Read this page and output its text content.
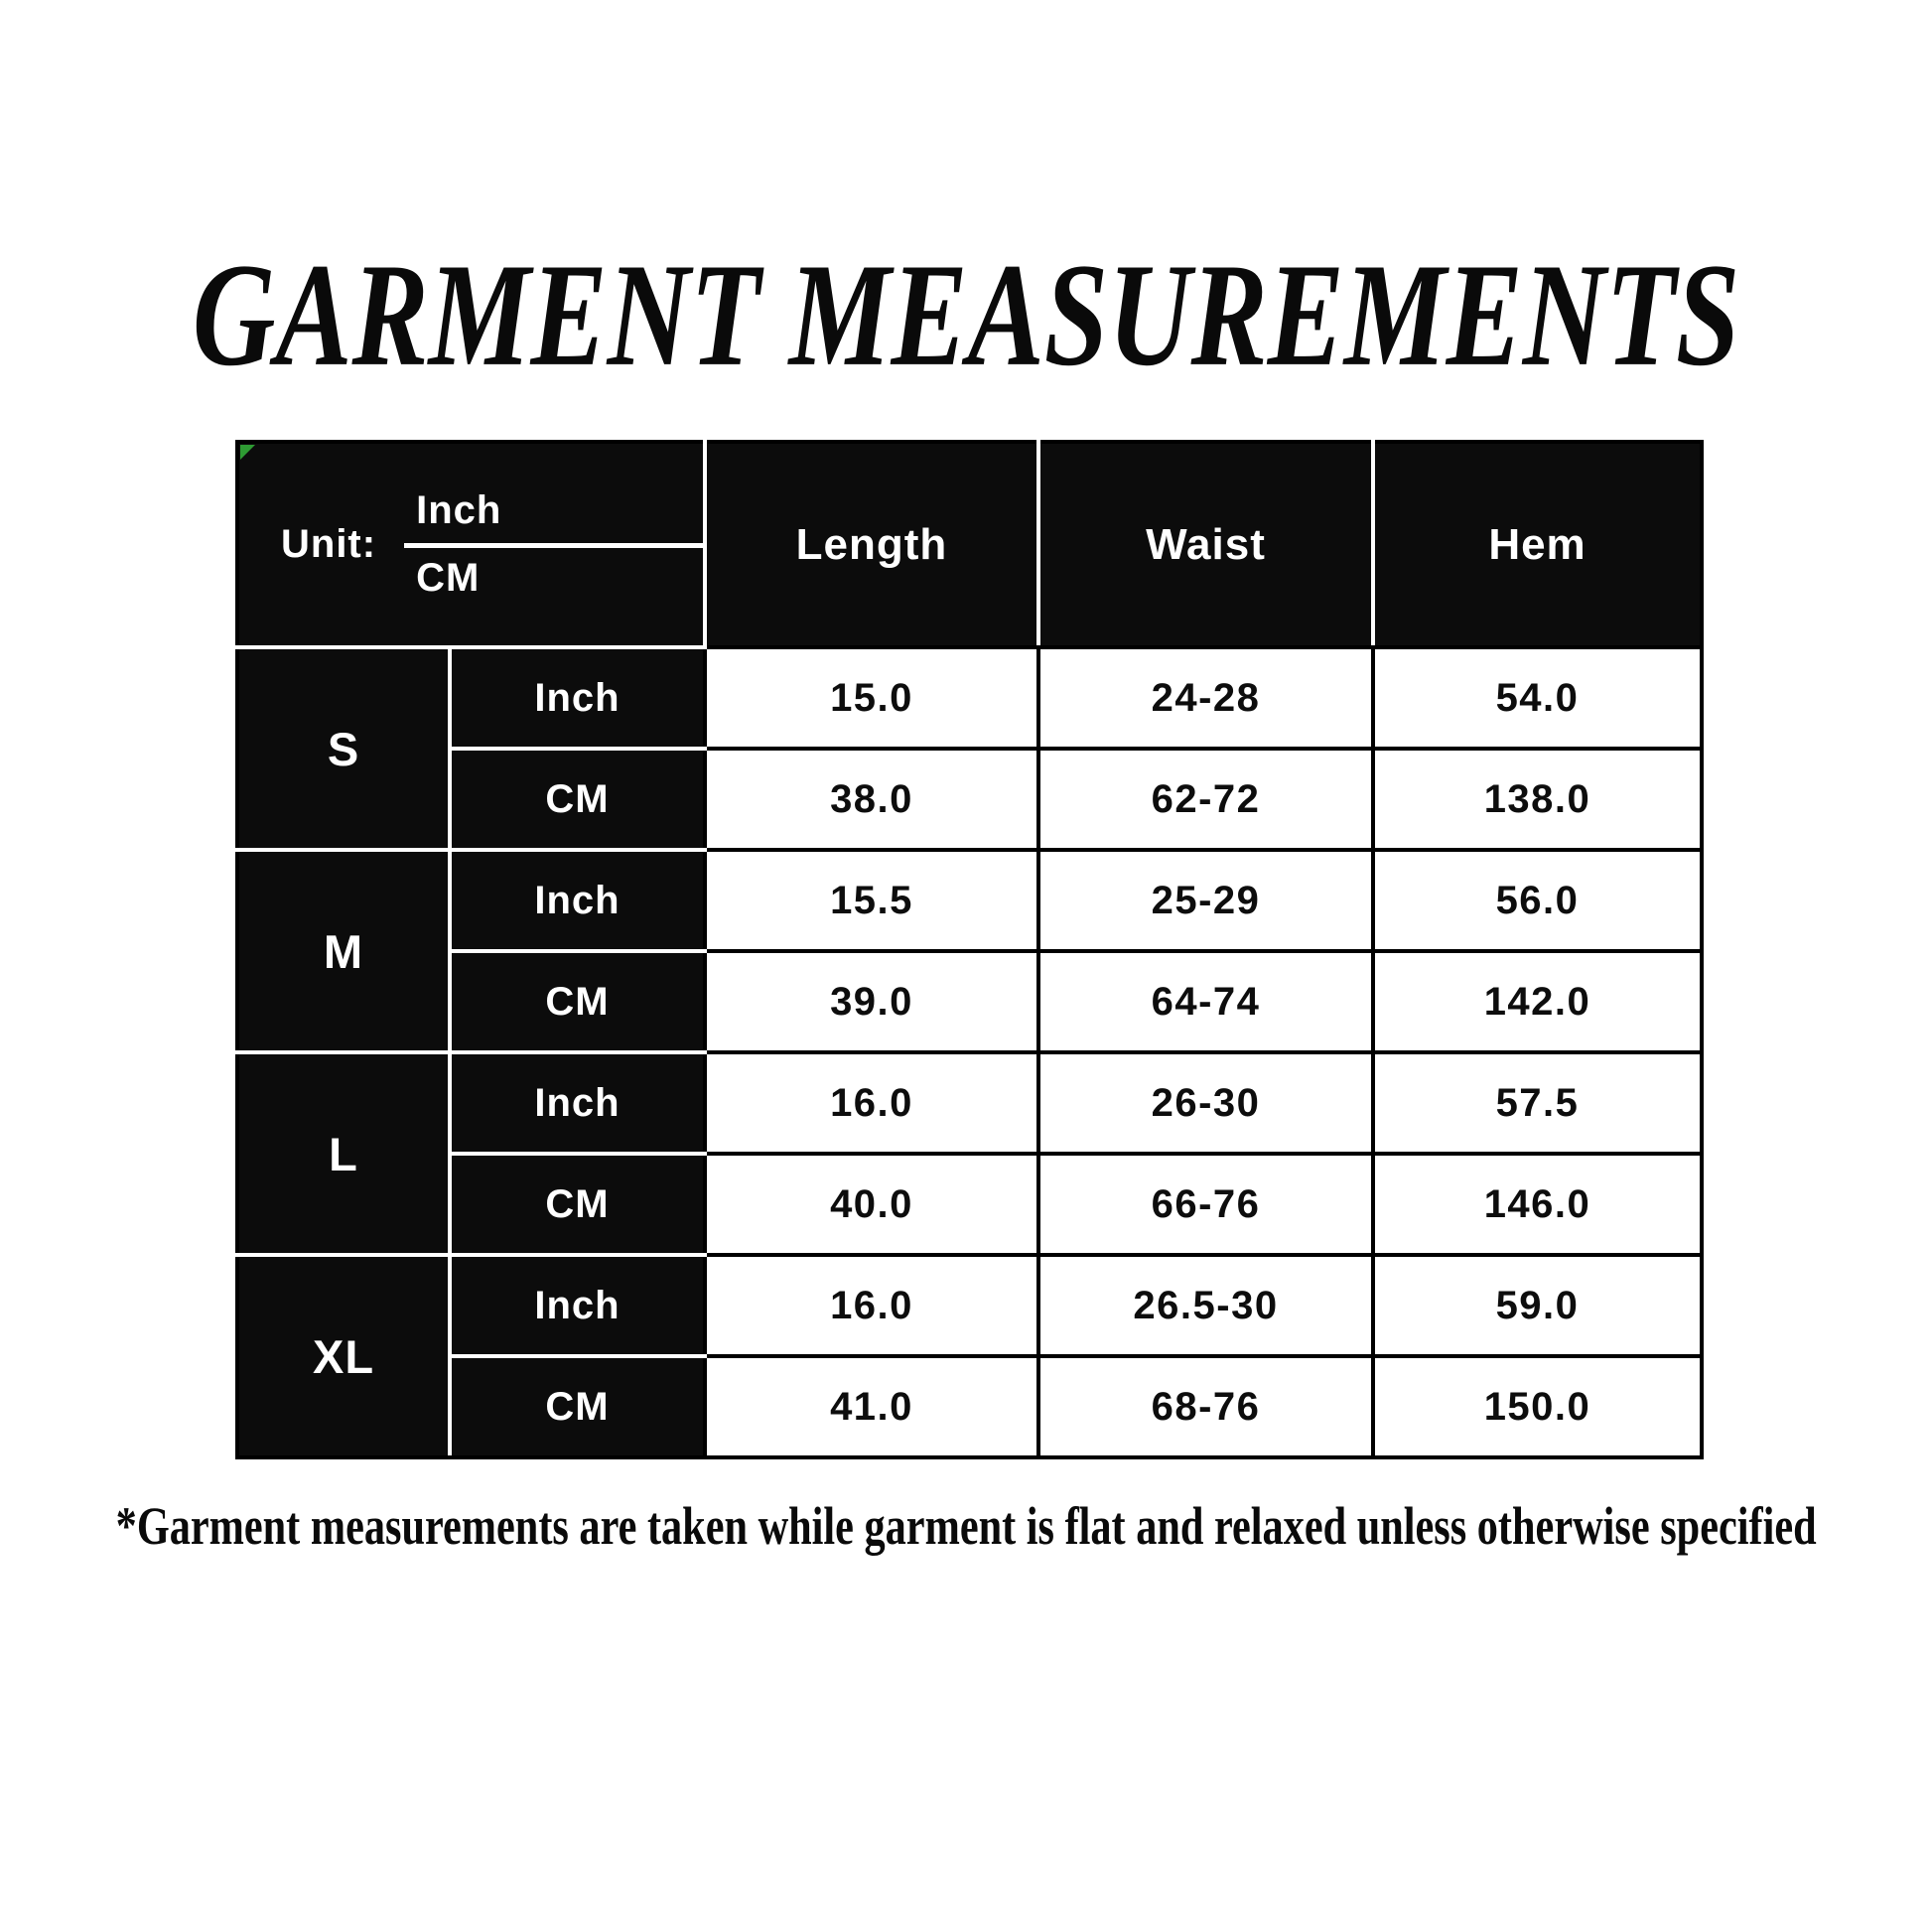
GARMENT MEASUREMENTS
Unit: $\frac{\text{Inch}}{CM}$		Length	Waist	Hem
S	Inch	15.0	24-28	54.0
	CM	38.0	62-72	138.0
M	Inch	15.5	25-29	56.0
	CM	39.0	64-74	142.0
L	Inch	16.0	26-30	57.5
	CM	40.0	66-76	146.0
XL	Inch	16.0	26.5-30	59.0
	CM	41.0	68-76	150.0
*Garment measurements are taken while garment is flat and relaxed unless otherwise specified
